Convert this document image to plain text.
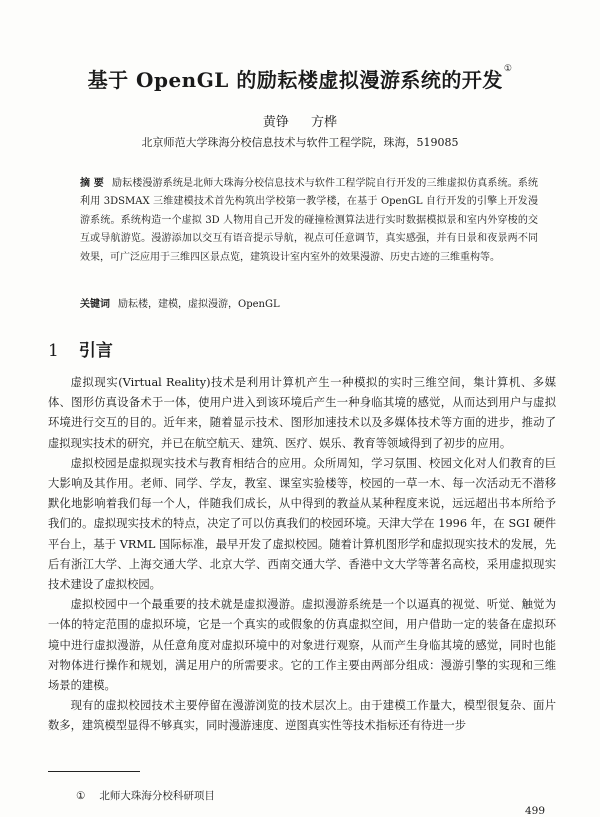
基于 OpenGL 的励耘楼虚拟漫游系统的开发①
黄铮 方桦
北京师范大学珠海分校信息技术与软件工程学院，珠海，519085
摘 要 励耘楼漫游系统是北师大珠海分校信息技术与软件工程学院自行开发的三维虚拟仿真系统。系统利用 3DSMAX 三维建模技术首先构筑出学校第一教学楼，在基于 OpenGL 自行开发的引擎上开发漫游系统。系统构造一个虚拟 3D 人物用自己开发的碰撞检测算法进行实时数据模拟景和室内外穿梭的交互或导航游览。漫游添加以交互有语音提示导航，视点可任意调节，真实感强，并有日景和夜景两不同效果，可广泛应用于三维四区景点览，建筑设计室内室外的效果漫游、历史古迹的三维重构等。
关键词 励耘楼，建模，虚拟漫游，OpenGL
1 引言

虚拟现实(Virtual Reality)技术是利用计算机产生一种模拟的实时三维空间，集计算机、多媒体、图形仿真设备术于一体，使用户进入到该环境后产生一种身临其境的感觉，从而达到用户与虚拟环境进行交互的目的。近年来，随着显示技术、图形加速技术以及多媒体技术等方面的进步，推动了虚拟现实技术的研究，并已在航空航天、建筑、医疗、娱乐、教育等领域得到了初步的应用。

虚拟校园是虚拟现实技术与教育相结合的应用。众所周知，学习氛围、校园文化对人们教育的巨大影响及其作用。老师、同学、学友，教室、课室实验楼等，校园的一草一木、每一次活动无不潜移默化地影响着我们每一个人，伴随我们成长，从中得到的教益从某种程度来说，远远超出书本所给予我们的。虚拟现实技术的特点，决定了可以仿真我们的校园环境。天津大学在 1996 年，在 SGI 硬件平台上，基于 VRML 国际标准，最早开发了虚拟校园。随着计算机图形学和虚拟现实技术的发展，先后有浙江大学、上海交通大学、北京大学、西南交通大学、香港中文大学等著名高校，采用虚拟现实技术建设了虚拟校园。

虚拟校园中一个最重要的技术就是虚拟漫游。虚拟漫游系统是一个以逼真的视觉、听觉、触觉为一体的特定范围的虚拟环境，它是一个真实的或假象的仿真虚拟空间，用户借助一定的装备在虚拟环境中进行虚拟漫游，从任意角度对虚拟环境中的对象进行观察，从而产生身临其境的感觉，同时也能对物体进行操作和规划，满足用户的所需要求。它的工作主要由两部分组成：漫游引擎的实现和三维场景的建模。

现有的虚拟校园技术主要停留在漫游浏览的技术层次上。由于建模工作量大，模型很复杂、面片数多，建筑模型显得不够真实，同时漫游速度、逆图真实性等技术指标还有待进一步

① 北师大珠海分校科研项目
499
